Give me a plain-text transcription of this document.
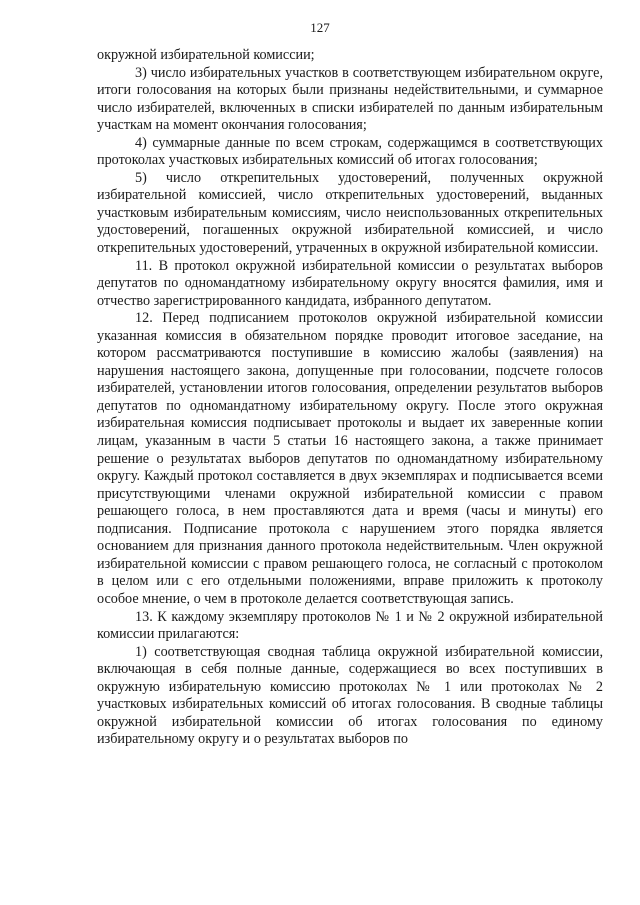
127

окружной избирательной комиссии;

3) число избирательных участков в соответствующем избирательном округе, итоги голосования на которых были признаны недействительными, и суммарное число избирателей, включенных в списки избирателей по данным избирательным участкам на момент окончания голосования;

4) суммарные данные по всем строкам, содержащимся в соответствующих протоколах участковых избирательных комиссий об итогах голосования;

5) число открепительных удостоверений, полученных окружной избирательной комиссией, число открепительных удостоверений, выданных участковым избирательным комиссиям, число неиспользованных открепительных удостоверений, погашенных окружной избирательной комиссией, и число открепительных удостоверений, утраченных в окружной избирательной комиссии.

11. В протокол окружной избирательной комиссии о результатах выборов депутатов по одномандатному избирательному округу вносятся фамилия, имя и отчество зарегистрированного кандидата, избранного депутатом.

12. Перед подписанием протоколов окружной избирательной комиссии указанная комиссия в обязательном порядке проводит итоговое заседание, на котором рассматриваются поступившие в комиссию жалобы (заявления) на нарушения настоящего закона, допущенные при голосовании, подсчете голосов избирателей, установлении итогов голосования, определении результатов выборов депутатов по одномандатному избирательному округу. После этого окружная избирательная комиссия подписывает протоколы и выдает их заверенные копии лицам, указанным в части 5 статьи 16 настоящего закона, а также принимает решение о результатах выборов депутатов по одномандатному избирательному округу. Каждый протокол составляется в двух экземплярах и подписывается всеми присутствующими членами окружной избирательной комиссии с правом решающего голоса, в нем проставляются дата и время (часы и минуты) его подписания. Подписание протокола с нарушением этого порядка является основанием для признания данного протокола недействительным. Член окружной избирательной комиссии с правом решающего голоса, не согласный с протоколом в целом или с его отдельными положениями, вправе приложить к протоколу особое мнение, о чем в протоколе делается соответствующая запись.

13. К каждому экземпляру протоколов № 1 и № 2 окружной избирательной комиссии прилагаются:

1) соответствующая сводная таблица окружной избирательной комиссии, включающая в себя полные данные, содержащиеся во всех поступивших в окружную избирательную комиссию протоколах № 1 или протоколах № 2 участковых избирательных комиссий об итогах голосования. В сводные таблицы окружной избирательной комиссии об итогах голосования по единому избирательному округу и о результатах выборов по
